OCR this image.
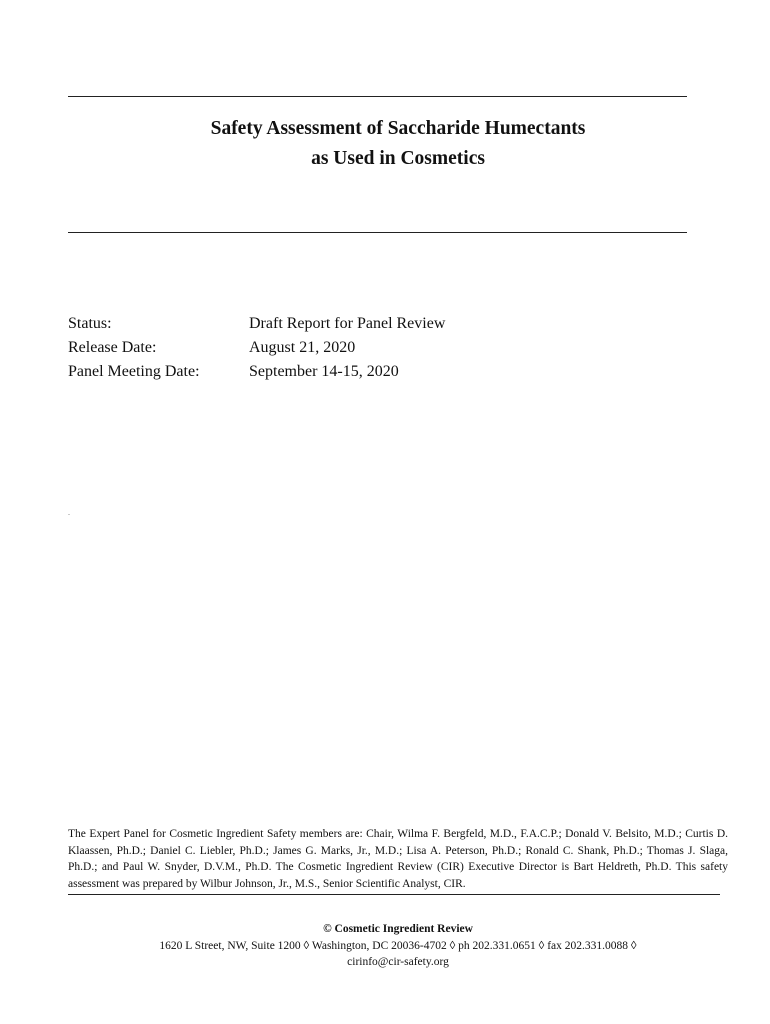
Safety Assessment of Saccharide Humectants
as Used in Cosmetics
Status:	Draft Report for Panel Review
Release Date:	August 21, 2020
Panel Meeting Date:	September 14-15, 2020
.
The Expert Panel for Cosmetic Ingredient Safety members are: Chair, Wilma F. Bergfeld, M.D., F.A.C.P.; Donald V. Belsito, M.D.; Curtis D. Klaassen, Ph.D.; Daniel C. Liebler, Ph.D.; James G. Marks, Jr., M.D.; Lisa A. Peterson, Ph.D.; Ronald C. Shank, Ph.D.; Thomas J. Slaga, Ph.D.; and Paul W. Snyder, D.V.M., Ph.D. The Cosmetic Ingredient Review (CIR) Executive Director is Bart Heldreth, Ph.D. This safety assessment was prepared by Wilbur Johnson, Jr., M.S., Senior Scientific Analyst, CIR.
© Cosmetic Ingredient Review
1620 L Street, NW, Suite 1200 ◊ Washington, DC 20036-4702 ◊ ph 202.331.0651 ◊ fax 202.331.0088 ◊
cirinfo@cir-safety.org
